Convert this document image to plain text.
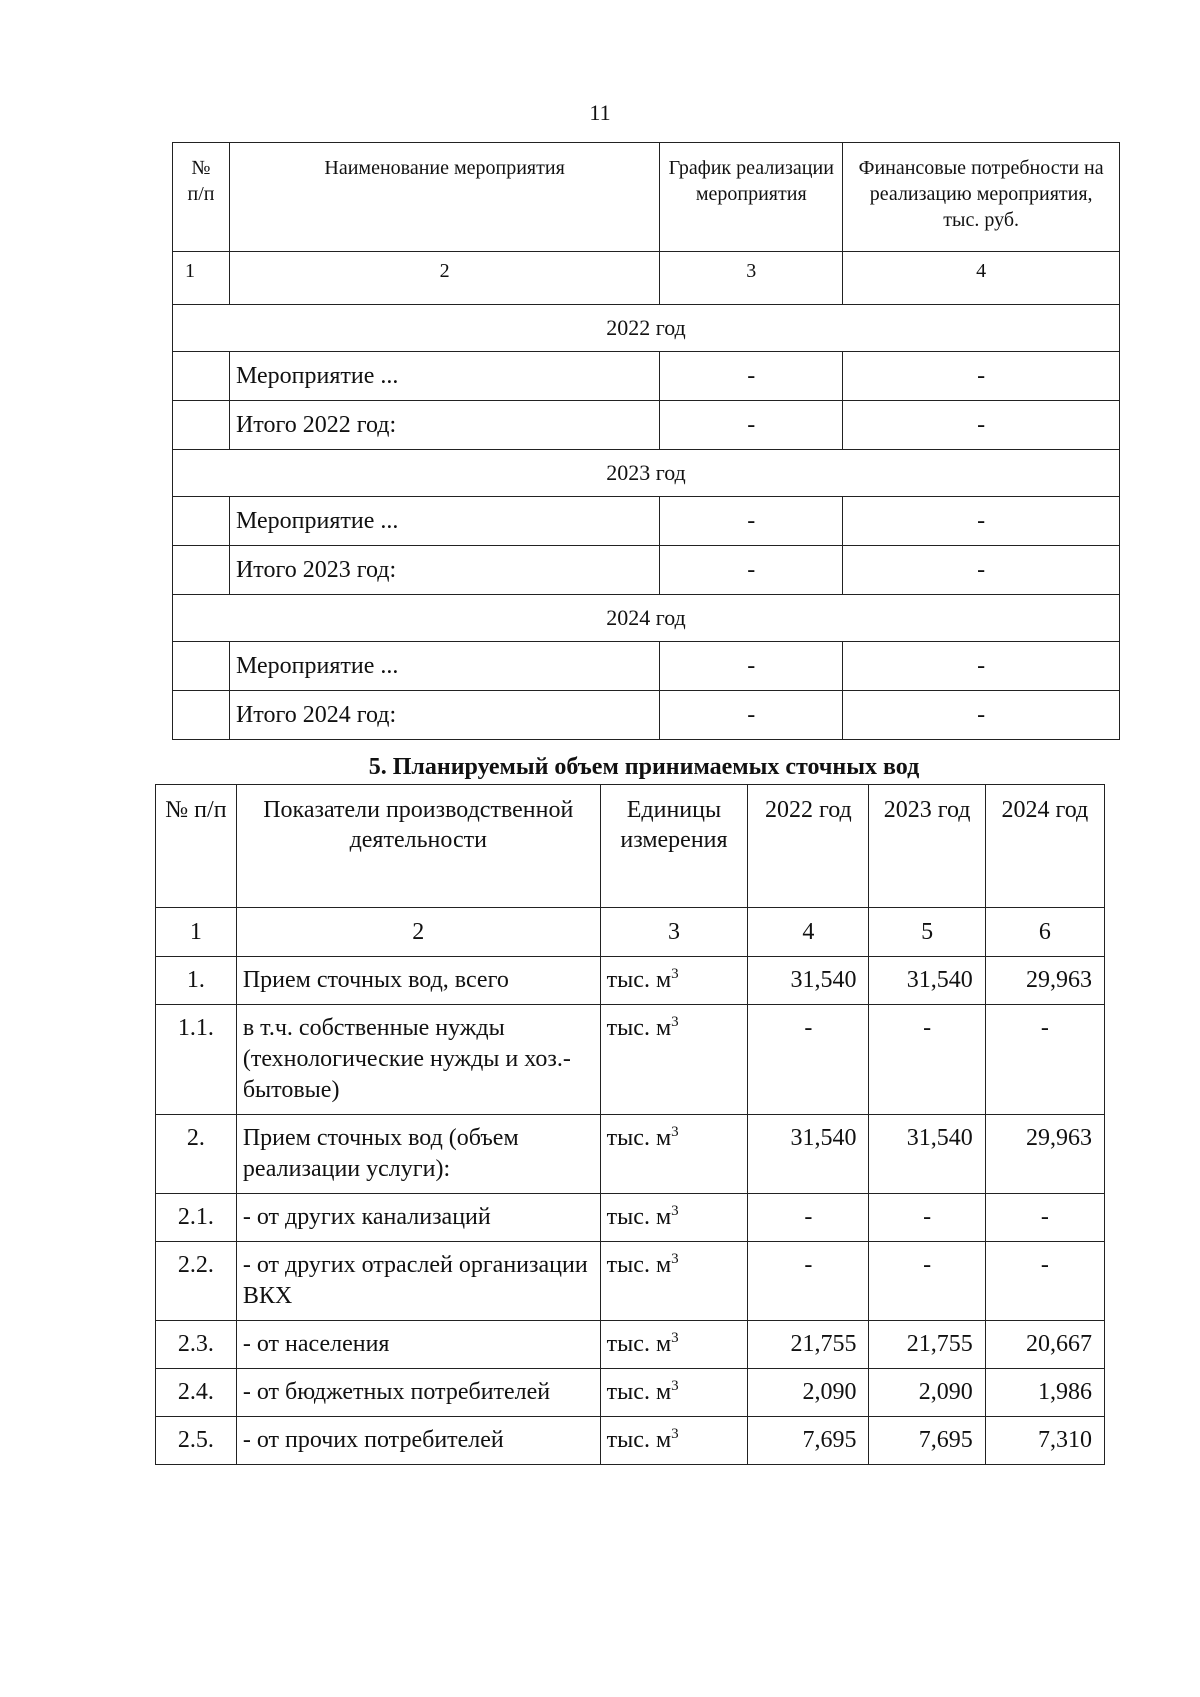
11
№
п/п	Наименование мероприятия	График реализации мероприятия	Финансовые потребности на реализацию мероприятия, тыс. руб.
1	2	3	4
2022 год			
	Мероприятие ...	-	-
	Итого 2022 год:	-	-
2023 год			
	Мероприятие ...	-	-
	Итого 2023 год:	-	-
2024 год			
	Мероприятие ...	-	-
	Итого 2024 год:	-	-
5. Планируемый объем принимаемых сточных вод
№ п/п	Показатели производственной деятельности	Единицы измерения	2022 год	2023 год	2024 год
1	2	3	4	5	6
1.	Прием сточных вод, всего	тыс. $м^3$	31,540	31,540	29,963
1.1.	в т.ч. собственные нужды (технологические нужды и хоз.-бытовые)	тыс. $м^3$	-	-	-
2.	Прием сточных вод (объем реализации услуги):	тыс. $м^3$	31,540	31,540	29,963
2.1.	- от других канализаций	тыс. $м^3$	-	-	-
2.2.	- от других отраслей организации ВКХ	тыс. $м^3$	-	-	-
2.3.	- от населения	тыс. $м^3$	21,755	21,755	20,667
2.4.	- от бюджетных потребителей	тыс. $м^3$	2,090	2,090	1,986
2.5.	- от прочих потребителей	тыс. $м^3$	7,695	7,695	7,310
